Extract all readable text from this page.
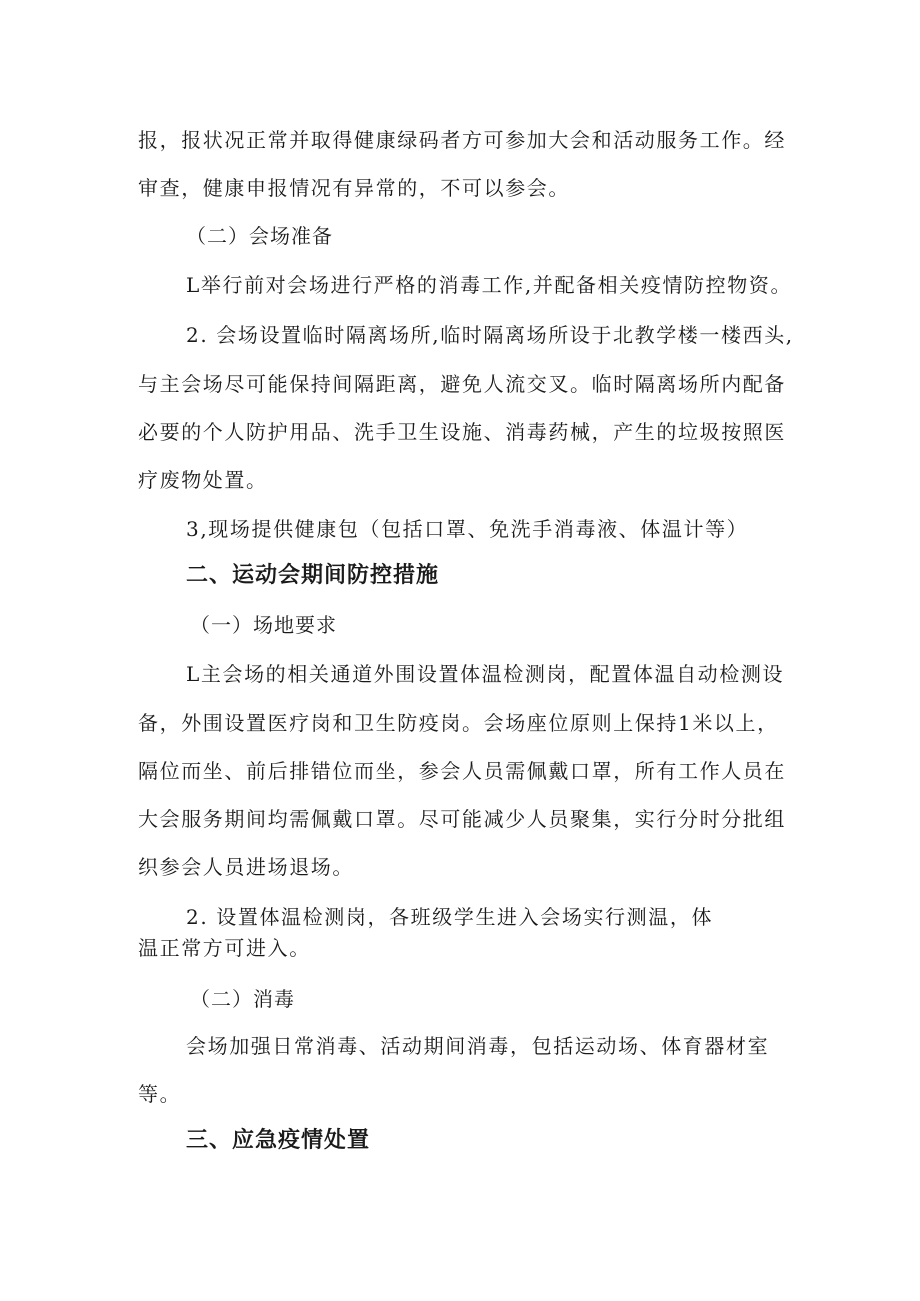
报，报状况正常并取得健康绿码者方可参加大会和活动服务工作。经
审查，健康申报情况有异常的，不可以参会。
（二）会场准备
L举行前对会场进行严格的消毒工作,并配备相关疫情防控物资。
2. 会场设置临时隔离场所,临时隔离场所设于北教学楼一楼西头,
与主会场尽可能保持间隔距离，避免人流交叉。临时隔离场所内配备
必要的个人防护用品、洗手卫生设施、消毒药械，产生的垃圾按照医
疗废物处置。
3,现场提供健康包（包括口罩、免洗手消毒液、体温计等）
二、运动会期间防控措施
（一）场地要求
L主会场的相关通道外围设置体温检测岗，配置体温自动检测设
备，外围设置医疗岗和卫生防疫岗。会场座位原则上保持1米以上，
隔位而坐、前后排错位而坐，参会人员需佩戴口罩，所有工作人员在
大会服务期间均需佩戴口罩。尽可能减少人员聚集，实行分时分批组
织参会人员进场退场。
2. 设置体温检测岗，各班级学生进入会场实行测温，体
温正常方可进入。
（二）消毒
会场加强日常消毒、活动期间消毒，包括运动场、体育器材室
等。
三、应急疫情处置
